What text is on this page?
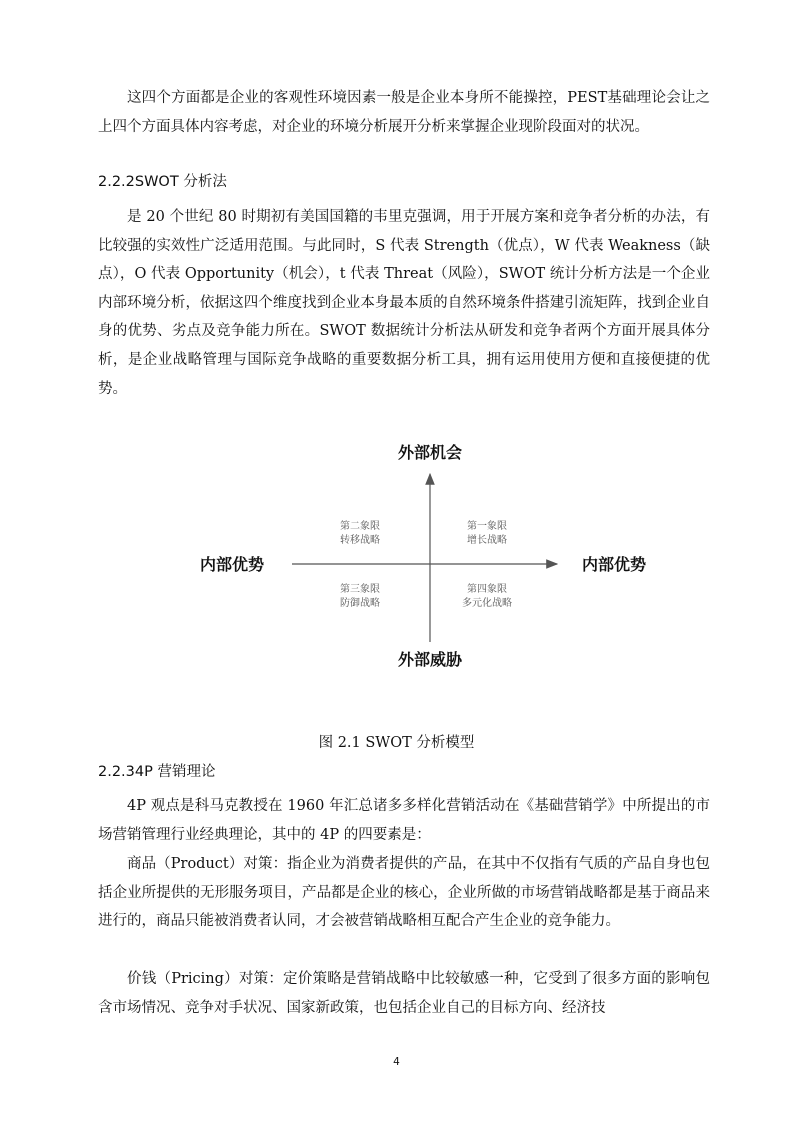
这四个方面都是企业的客观性环境因素一般是企业本身所不能操控，PEST基础理论会让之上四个方面具体内容考虑，对企业的环境分析展开分析来掌握企业现阶段面对的状况。

2.2.2SWOT 分析法

是 20 个世纪 80 时期初有美国国籍的韦里克强调，用于开展方案和竞争者分析的办法，有比较强的实效性广泛适用范围。与此同时，S 代表 Strength（优点），W 代表 Weakness（缺点），O 代表 Opportunity（机会），t 代表 Threat（风险），SWOT 统计分析方法是一个企业内部环境分析，依据这四个维度找到企业本身最本质的自然环境条件搭建引流矩阵，找到企业自身的优势、劣点及竞争能力所在。SWOT 数据统计分析法从研发和竞争者两个方面开展具体分析，是企业战略管理与国际竞争战略的重要数据分析工具，拥有运用使用方便和直接便捷的优势。

外部机会
外部威胁
内部优势	内部优势
第二象限
转移战略
第一象限
增长战略
第三象限
防御战略
第四象限
多元化战略
图 2.1 SWOT 分析模型

2.2.34P 营销理论

4P 观点是科马克教授在 1960 年汇总诸多多样化营销活动在《基础营销学》中所提出的市场营销管理行业经典理论，其中的 4P 的四要素是：

商品（Product）对策：指企业为消费者提供的产品，在其中不仅指有气质的产品自身也包括企业所提供的无形服务项目，产品都是企业的核心，企业所做的市场营销战略都是基于商品来进行的，商品只能被消费者认同，才会被营销战略相互配合产生企业的竞争能力。

价钱（Pricing）对策：定价策略是营销战略中比较敏感一种，它受到了很多方面的影响包含市场情况、竞争对手状况、国家新政策，也包括企业自己的目标方向、经济技

4
